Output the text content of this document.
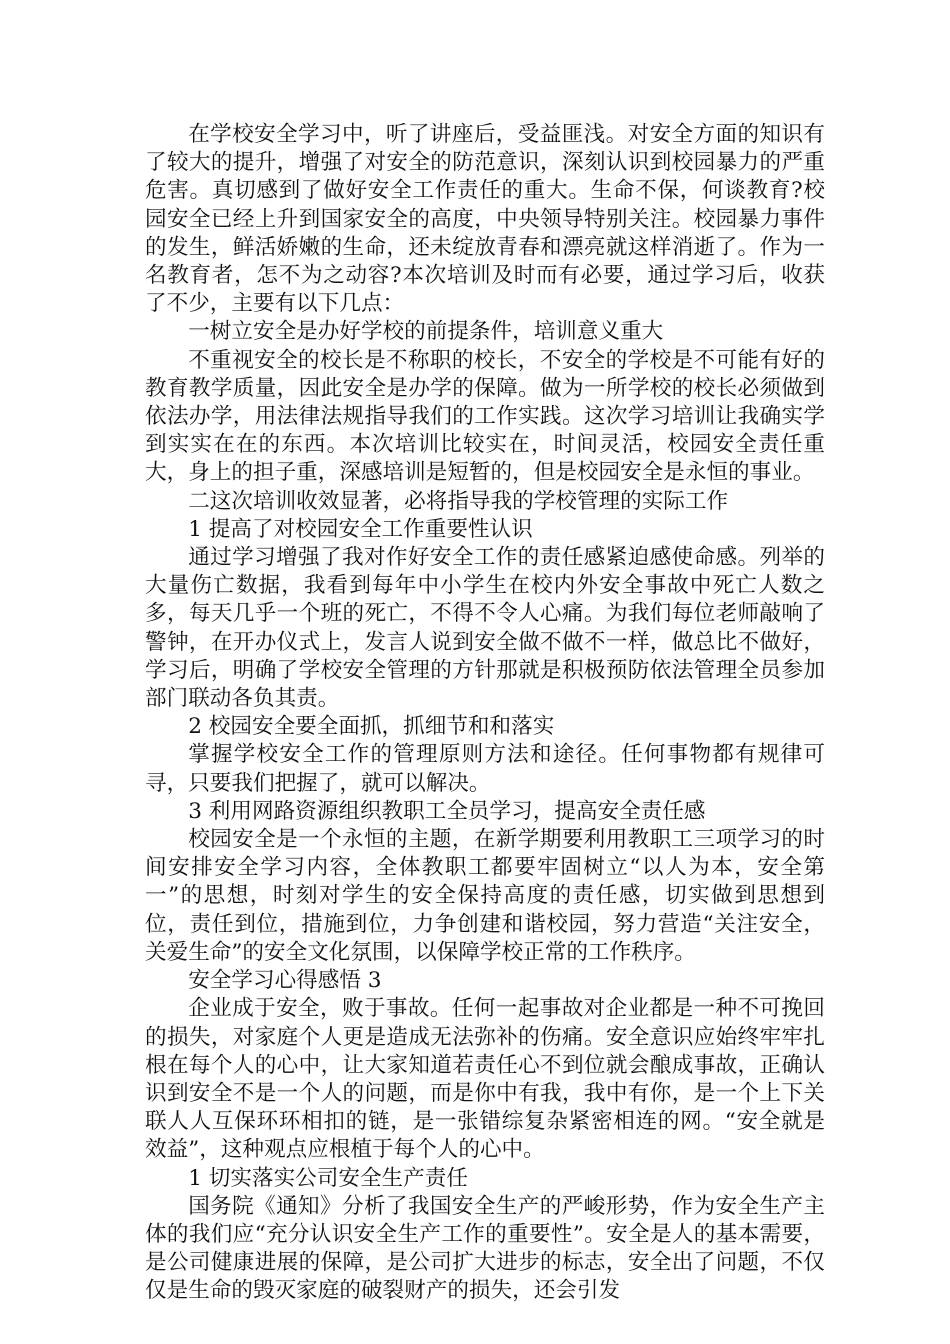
在学校安全学习中，听了讲座后，受益匪浅。对安全方面的知识有了较大的提升，增强了对安全的防范意识，深刻认识到校园暴力的严重危害。真切感到了做好安全工作责任的重大。生命不保，何谈教育?校园安全已经上升到国家安全的高度，中央领导特别关注。校园暴力事件的发生，鲜活娇嫩的生命，还未绽放青春和漂亮就这样消逝了。作为一名教育者，怎不为之动容?本次培训及时而有必要，通过学习后，收获了不少，主要有以下几点：

一树立安全是办好学校的前提条件，培训意义重大

不重视安全的校长是不称职的校长，不安全的学校是不可能有好的教育教学质量，因此安全是办学的保障。做为一所学校的校长必须做到依法办学，用法律法规指导我们的工作实践。这次学习培训让我确实学到实实在在的东西。本次培训比较实在，时间灵活，校园安全责任重大，身上的担子重，深感培训是短暂的，但是校园安全是永恒的事业。

二这次培训收效显著，必将指导我的学校管理的实际工作

1 提高了对校园安全工作重要性认识

通过学习增强了我对作好安全工作的责任感紧迫感使命感。列举的大量伤亡数据，我看到每年中小学生在校内外安全事故中死亡人数之多，每天几乎一个班的死亡，不得不令人心痛。为我们每位老师敲响了警钟，在开办仪式上，发言人说到安全做不做不一样，做总比不做好，学习后，明确了学校安全管理的方针那就是积极预防依法管理全员参加部门联动各负其责。

2 校园安全要全面抓，抓细节和和落实

掌握学校安全工作的管理原则方法和途径。任何事物都有规律可寻，只要我们把握了，就可以解决。

3 利用网路资源组织教职工全员学习，提高安全责任感

校园安全是一个永恒的主题，在新学期要利用教职工三项学习的时间安排安全学习内容，全体教职工都要牢固树立“以人为本，安全第一”的思想，时刻对学生的安全保持高度的责任感，切实做到思想到位，责任到位，措施到位，力争创建和谐校园，努力营造“关注安全，关爱生命”的安全文化氛围，以保障学校正常的工作秩序。

安全学习心得感悟 3

企业成于安全，败于事故。任何一起事故对企业都是一种不可挽回的损失，对家庭个人更是造成无法弥补的伤痛。安全意识应始终牢牢扎根在每个人的心中，让大家知道若责任心不到位就会酿成事故，正确认识到安全不是一个人的问题，而是你中有我，我中有你，是一个上下关联人人互保环环相扣的链，是一张错综复杂紧密相连的网。“安全就是效益”，这种观点应根植于每个人的心中。

1 切实落实公司安全生产责任

国务院《通知》分析了我国安全生产的严峻形势，作为安全生产主体的我们应“充分认识安全生产工作的重要性”。安全是人的基本需要，是公司健康进展的保障，是公司扩大进步的标志，安全出了问题，不仅仅是生命的毁灭家庭的破裂财产的损失，还会引发
